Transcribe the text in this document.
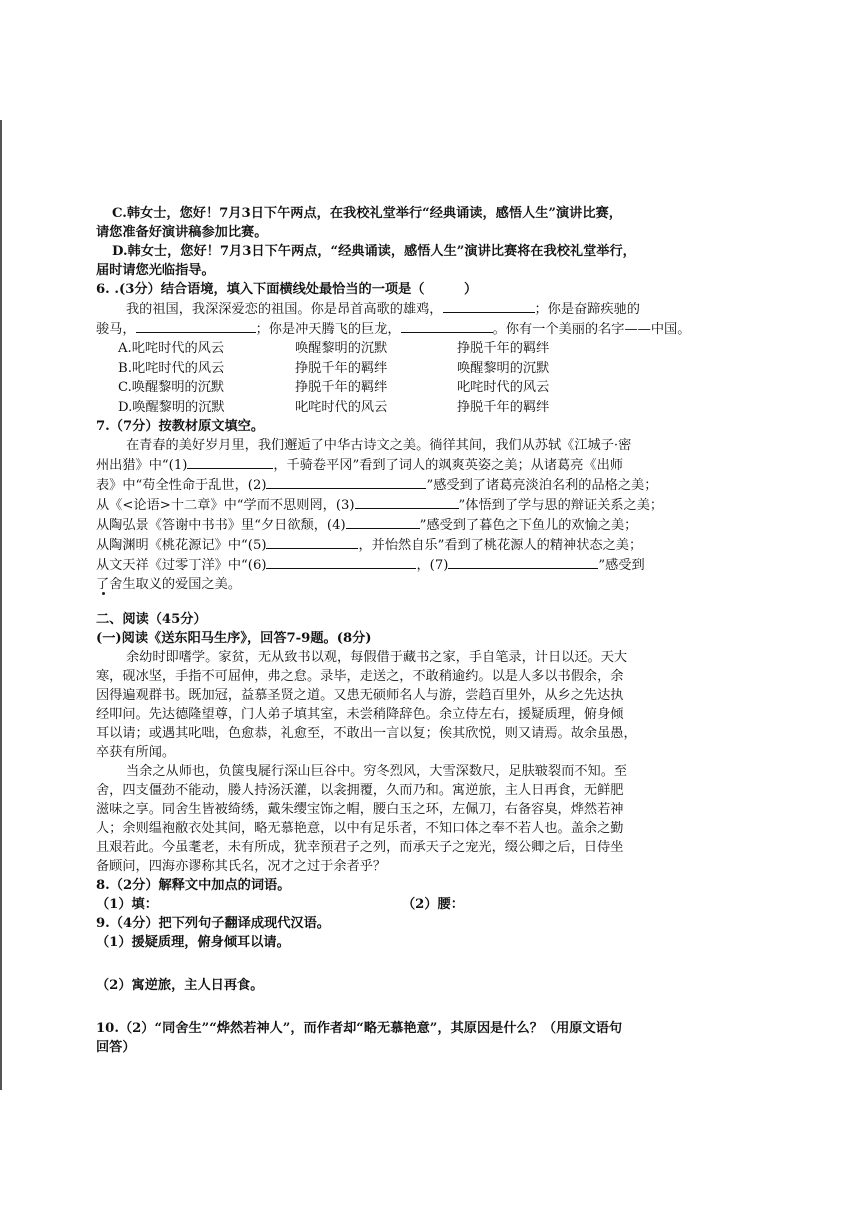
C.韩女士，您好！7月3日下午两点，在我校礼堂举行“经典诵读，感悟人生”演讲比赛，
请您准备好演讲稿参加比赛。
D.韩女士，您好！7月3日下午两点，“经典诵读，感悟人生”演讲比赛将在我校礼堂举行，
届时请您光临指导。
6. .(3分）结合语境，填入下面横线处最恰当的一项是（　　　）
我的祖国，我深深爱恋的祖国。你是昂首高歌的雄鸡，	；你是奋蹄疾驰的
骏马，	；你是冲天腾飞的巨龙，	。你有一个美丽的名字——中国。
A.叱咤时代的风云	唤醒黎明的沉默	挣脱千年的羁绊
B.叱咤时代的风云	挣脱千年的羁绊	唤醒黎明的沉默
C.唤醒黎明的沉默	挣脱千年的羁绊	叱咤时代的风云
D.唤醒黎明的沉默	叱咤时代的风云	挣脱千年的羁绊
7.（7分）按教材原文填空。
在青春的美好岁月里，我们邂逅了中华古诗文之美。徜徉其间，我们从苏轼《江城子·密
州出猎》中“(1)	，千骑卷平冈”看到了词人的飒爽英姿之美；从诸葛亮《出师
表》中“苟全性命于乱世，(2)	”感受到了诸葛亮淡泊名利的品格之美；
从《<论语>十二章》中“学而不思则罔，(3)	”体悟到了学与思的辩证关系之美；
从陶弘景《答谢中书书》里“夕日欲颓，(4)	”感受到了暮色之下鱼儿的欢愉之美；
从陶渊明《桃花源记》中“(5)	，并怡然自乐”看到了桃花源人的精神状态之美；
从文天祥《过零丁洋》中“(6)	，(7)	”感受到
了舍生取义的爱国之美。
二、阅读（45分）
(一)阅读《送东阳马生序》，回答7-9题。(8分)
余幼时即嗜学。家贫，无从致书以观，每假借于藏书之家，手自笔录，计日以还。天大
寒，砚冰坚，手指不可屈伸，弗之怠。录毕，走送之，不敢稍逾约。以是人多以书假余，余
因得遍观群书。既加冠，益慕圣贤之道。又患无硕师名人与游，尝趋百里外，从乡之先达执
经叩问。先达德隆望尊，门人弟子填其室，未尝稍降辞色。余立侍左右，援疑质理，俯身倾
耳以请；或遇其叱咄，色愈恭，礼愈至，不敢出一言以复；俟其欣悦，则又请焉。故余虽愚，
卒获有所闻。
当余之从师也，负箧曳屣行深山巨谷中。穷冬烈风，大雪深数尺，足肤皲裂而不知。至
舍，四支僵劲不能动，媵人持汤沃灌，以衾拥覆，久而乃和。寓逆旅，主人日再食，无鲜肥
滋味之享。同舍生皆被绮绣，戴朱缨宝饰之帽，腰白玉之环，左佩刀，右备容臭，烨然若神
人；余则缊袍敝衣处其间，略无慕艳意，以中有足乐者，不知口体之奉不若人也。盖余之勤
且艰若此。今虽耄老，未有所成，犹幸预君子之列，而承天子之宠光，缀公卿之后，日侍坐
备顾问，四海亦谬称其氏名，况才之过于余者乎？
8.（2分）解释文中加点的词语。
（1）填：	（2）腰：
9.（4分）把下列句子翻译成现代汉语。
（1）援疑质理，俯身倾耳以请。
（2）寓逆旅，主人日再食。
10.（2）“同舍生”“烨然若神人”，而作者却“略无慕艳意”，其原因是什么？（用原文语句
回答）
